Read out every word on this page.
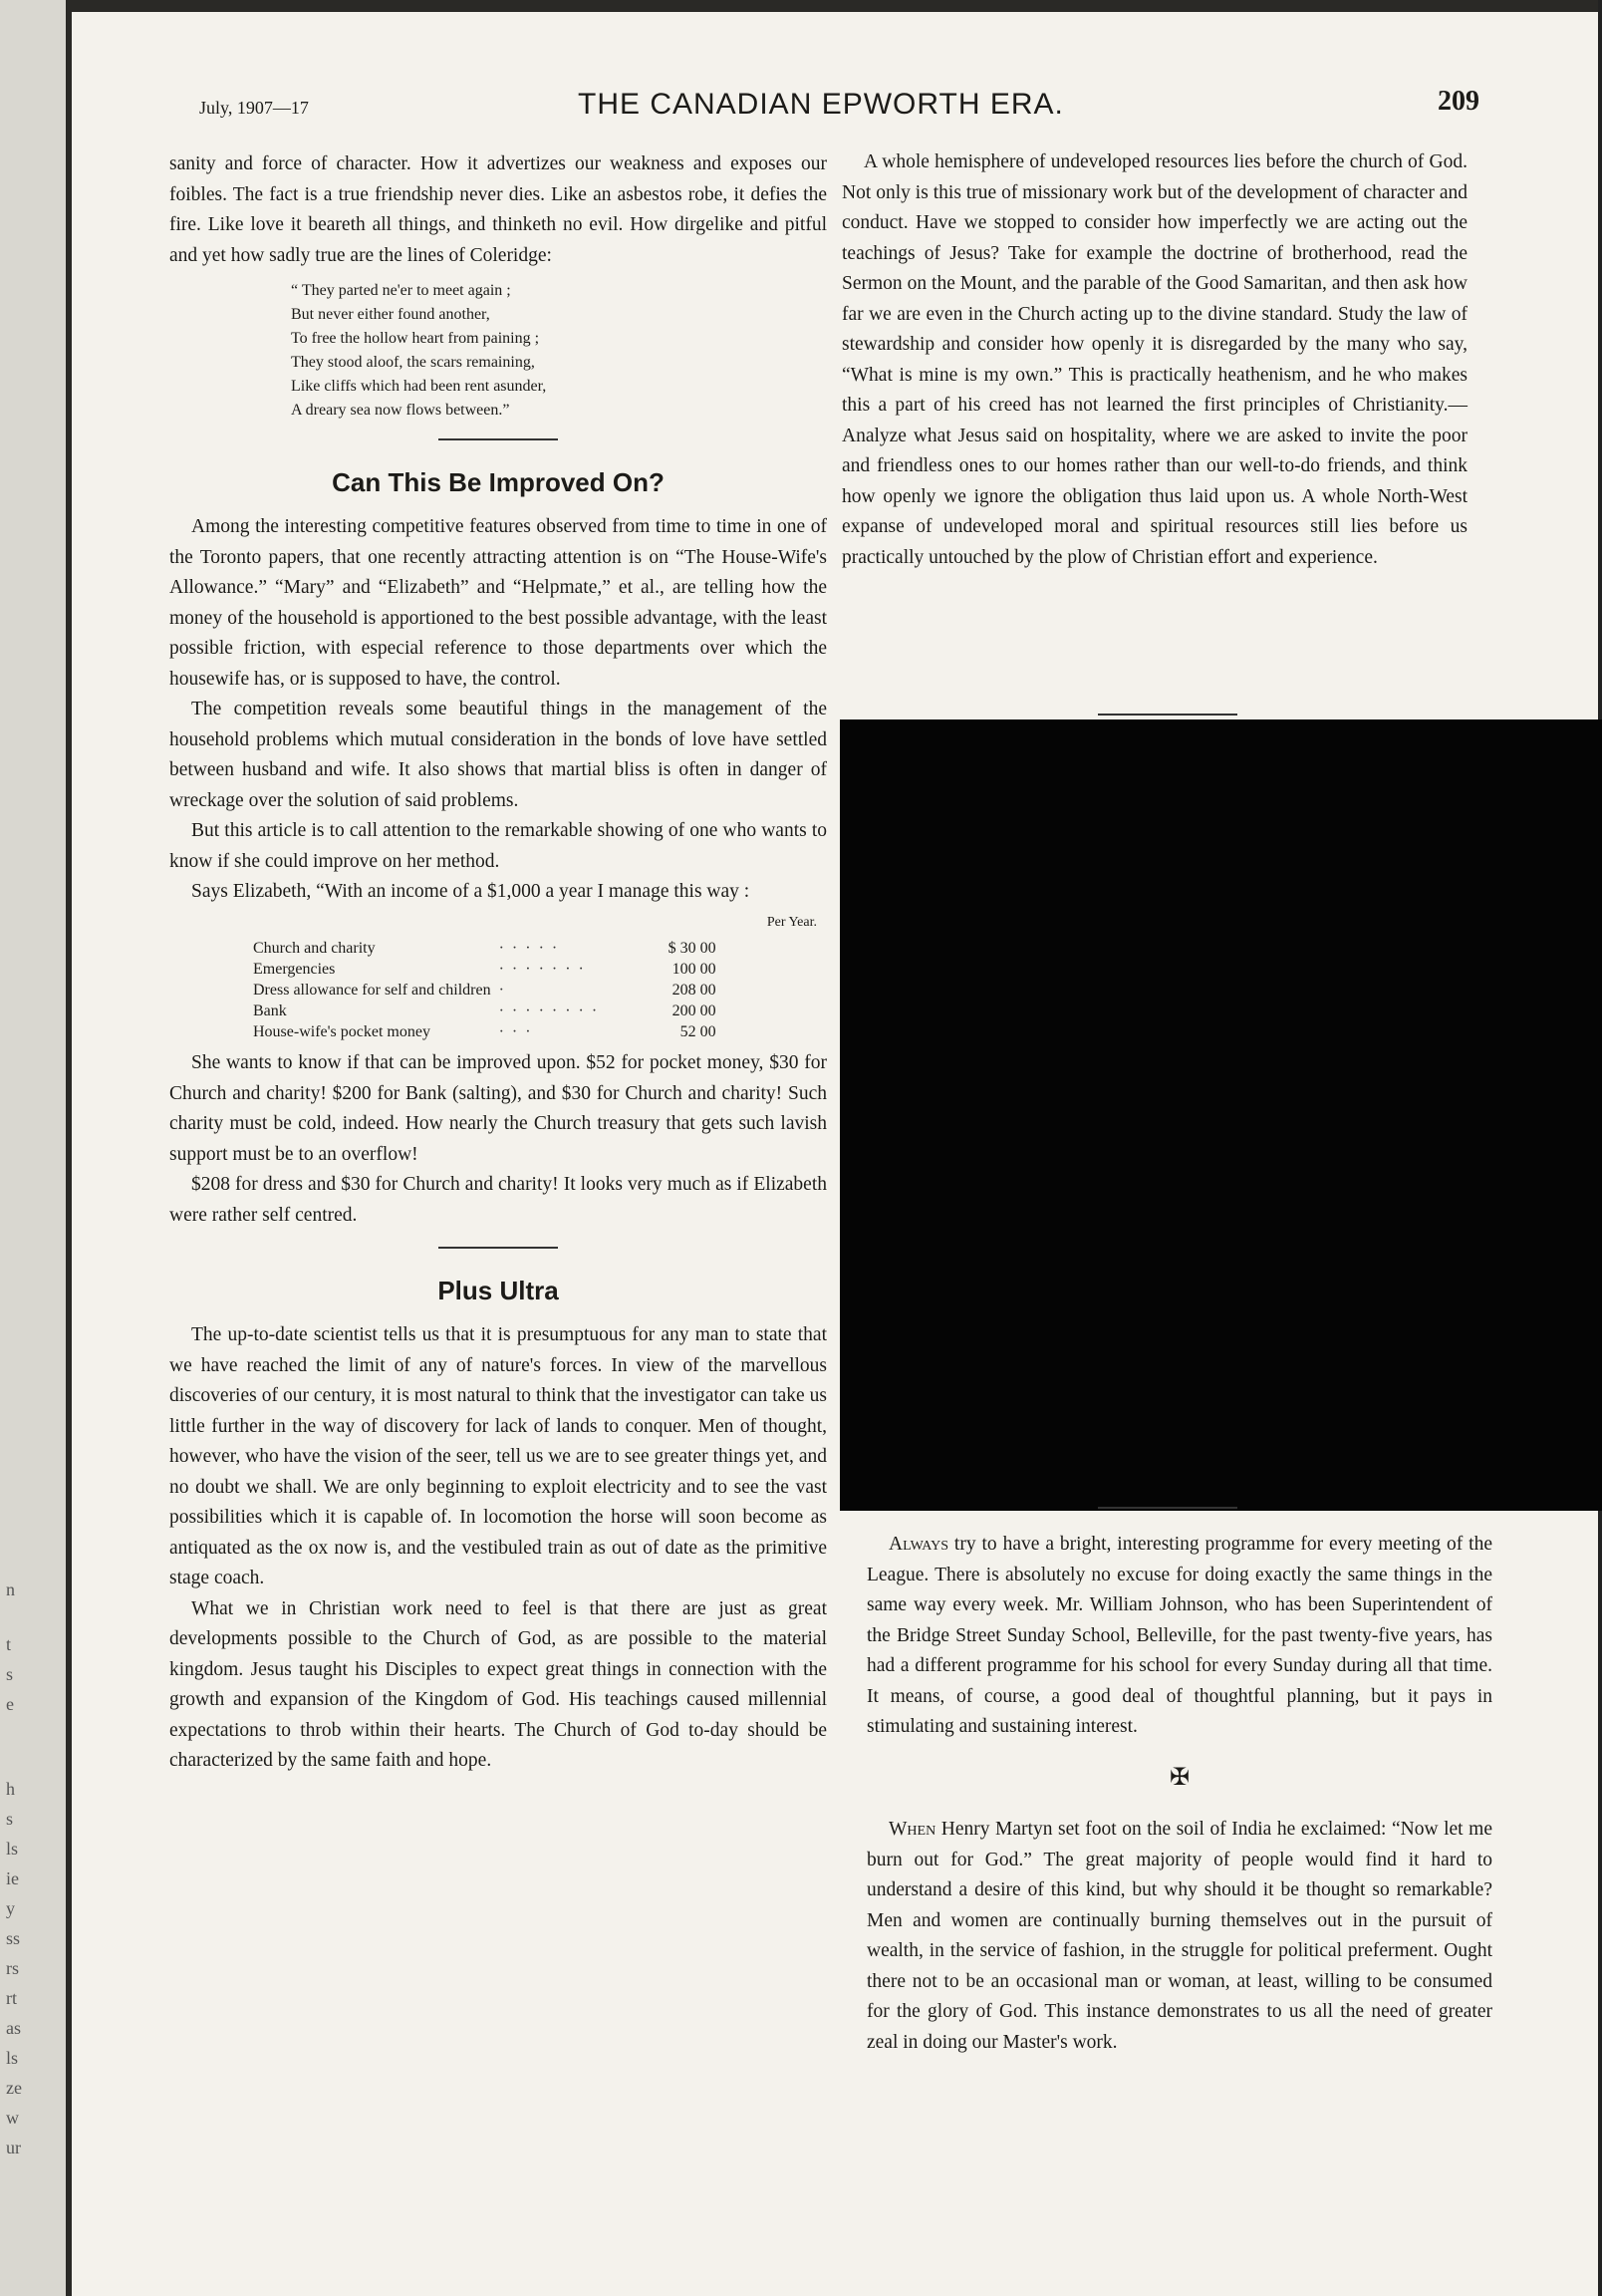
n
t
s
e
h
s
ls
ie
y
ss
rs
rt
as
ls
ze
w
ur
July, 1907—17	THE CANADIAN EPWORTH ERA.	209

sanity and force of character. How it advertizes our weakness and exposes our foibles. The fact is a true friendship never dies. Like an asbestos robe, it defies the fire. Like love it beareth all things, and thinketh no evil. How dirgelike and pitful and yet how sadly true are the lines of Coleridge:

“ They parted ne'er to meet again ;
But never either found another,
To free the hollow heart from paining ;
They stood aloof, the scars remaining,
Like cliffs which had been rent asunder,
A dreary sea now flows between.”
Can This Be Improved On?

Among the interesting competitive features observed from time to time in one of the Toronto papers, that one recently attracting attention is on “The House-Wife's Allowance.” “Mary” and “Elizabeth” and “Helpmate,” et al., are telling how the money of the household is apportioned to the best possible advantage, with the least possible friction, with especial reference to those departments over which the housewife has, or is supposed to have, the control.

The competition reveals some beautiful things in the management of the household problems which mutual consideration in the bonds of love have settled between husband and wife. It also shows that martial bliss is often in danger of wreckage over the solution of said problems.

But this article is to call attention to the remarkable showing of one who wants to know if she could improve on her method.

Says Elizabeth, “With an income of a $1,000 a year I manage this way :

Per Year.
Church and charity	·····	$ 30 00
Emergencies	·······	100 00
Dress allowance for self and children	·	208 00
Bank	········	200 00
House-wife's pocket money	···	52 00

She wants to know if that can be improved upon. $52 for pocket money, $30 for Church and charity! $200 for Bank (salting), and $30 for Church and charity! Such charity must be cold, indeed. How nearly the Church treasury that gets such lavish support must be to an overflow!

$208 for dress and $30 for Church and charity! It looks very much as if Elizabeth were rather self centred.

Plus Ultra

The up-to-date scientist tells us that it is presumptuous for any man to state that we have reached the limit of any of nature's forces. In view of the marvellous discoveries of our century, it is most natural to think that the investigator can take us little further in the way of discovery for lack of lands to conquer. Men of thought, however, who have the vision of the seer, tell us we are to see greater things yet, and no doubt we shall. We are only beginning to exploit electricity and to see the vast possibilities which it is capable of. In locomotion the horse will soon become as antiquated as the ox now is, and the vestibuled train as out of date as the primitive stage coach.

What we in Christian work need to feel is that there are just as great developments possible to the Church of God, as are possible to the material kingdom. Jesus taught his Disciples to expect great things in connection with the growth and expansion of the Kingdom of God. His teachings caused millennial expectations to throb within their hearts. The Church of God to-day should be characterized by the same faith and hope.

A whole hemisphere of undeveloped resources lies before the church of God. Not only is this true of missionary work but of the development of character and conduct. Have we stopped to consider how imperfectly we are acting out the teachings of Jesus? Take for example the doctrine of brotherhood, read the Sermon on the Mount, and the parable of the Good Samaritan, and then ask how far we are even in the Church acting up to the divine standard. Study the law of stewardship and consider how openly it is disregarded by the many who say, “What is mine is my own.” This is practically heathenism, and he who makes this a part of his creed has not learned the first principles of Christianity.—Analyze what Jesus said on hospitality, where we are asked to invite the poor and friendless ones to our homes rather than our well-to-do friends, and think how openly we ignore the obligation thus laid upon us. A whole North-West expanse of undeveloped moral and spiritual resources still lies before us practically untouched by the plow of Christian effort and experience.

Always try to have a bright, interesting programme for every meeting of the League. There is absolutely no excuse for doing exactly the same things in the same way every week. Mr. William Johnson, who has been Superintendent of the Bridge Street Sunday School, Belleville, for the past twenty-five years, has had a different programme for his school for every Sunday during all that time. It means, of course, a good deal of thoughtful planning, but it pays in stimulating and sustaining interest.

✠

When Henry Martyn set foot on the soil of India he exclaimed: “Now let me burn out for God.” The great majority of people would find it hard to understand a desire of this kind, but why should it be thought so remarkable? Men and women are continually burning themselves out in the pursuit of wealth, in the service of fashion, in the struggle for political preferment. Ought there not to be an occasional man or woman, at least, willing to be consumed for the glory of God. This instance demonstrates to us all the need of greater zeal in doing our Master's work.
